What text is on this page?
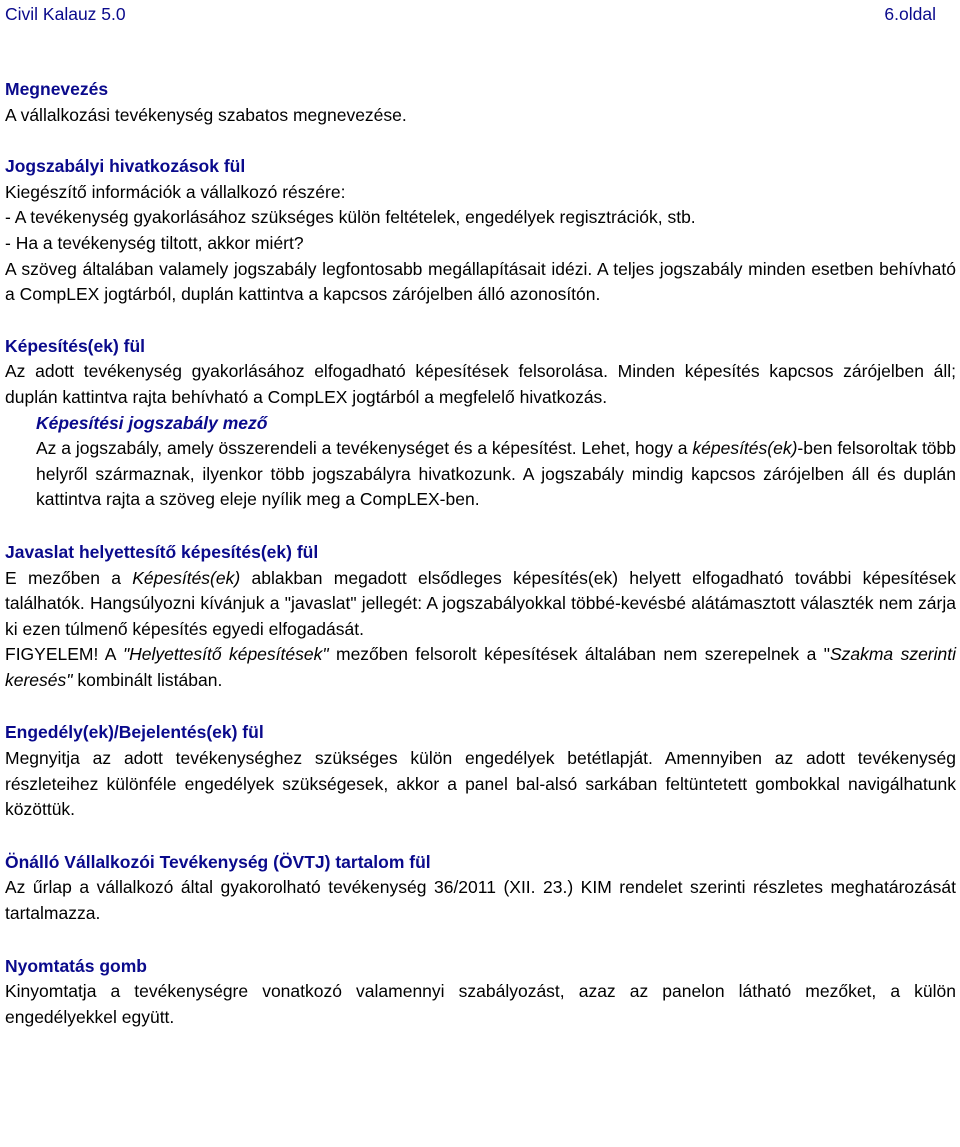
Civil Kalauz 5.0	6.oldal

Megnevezés

A vállalkozási tevékenység szabatos megnevezése.

Jogszabályi hivatkozások fül

Kiegészítő információk a vállalkozó részére:

- A tevékenység gyakorlásához szükséges külön feltételek, engedélyek regisztrációk, stb.

- Ha a tevékenység tiltott, akkor miért?

A szöveg általában valamely jogszabály legfontosabb megállapításait idézi. A teljes jogszabály minden esetben behívható a CompLEX jogtárból, duplán kattintva a kapcsos zárójelben álló azonosítón.

Képesítés(ek) fül

Az adott tevékenység gyakorlásához elfogadható képesítések felsorolása. Minden képesítés kapcsos zárójelben áll; duplán kattintva rajta behívható a CompLEX jogtárból a megfelelő hivatkozás.

Képesítési jogszabály mező

Az a jogszabály, amely összerendeli a tevékenységet és a képesítést. Lehet, hogy a képesítés(ek)-ben felsoroltak több helyről származnak, ilyenkor több jogszabályra hivatkozunk. A jogszabály mindig kapcsos zárójelben áll és duplán kattintva rajta a szöveg eleje nyílik meg a CompLEX-ben.

Javaslat helyettesítő képesítés(ek) fül

E mezőben a Képesítés(ek) ablakban megadott elsődleges képesítés(ek) helyett elfogadható további képesítések találhatók. Hangsúlyozni kívánjuk a "javaslat" jellegét: A jogszabályokkal többé-kevésbé alátámasztott választék nem zárja ki ezen túlmenő képesítés egyedi elfogadását.

FIGYELEM! A "Helyettesítő képesítések" mezőben felsorolt képesítések általában nem szerepelnek a "Szakma szerinti keresés" kombinált listában.

Engedély(ek)/Bejelentés(ek) fül

Megnyitja az adott tevékenységhez szükséges külön engedélyek betétlapját. Amennyiben az adott tevékenység részleteihez különféle engedélyek szükségesek, akkor a panel bal-alsó sarkában feltüntetett gombokkal navigálhatunk közöttük.

Önálló Vállalkozói Tevékenység (ÖVTJ) tartalom fül

Az űrlap a vállalkozó által gyakorolható tevékenység 36/2011 (XII. 23.) KIM rendelet szerinti részletes meghatározását tartalmazza.

Nyomtatás gomb

Kinyomtatja a tevékenységre vonatkozó valamennyi szabályozást, azaz az panelon látható mezőket, a külön engedélyekkel együtt.
